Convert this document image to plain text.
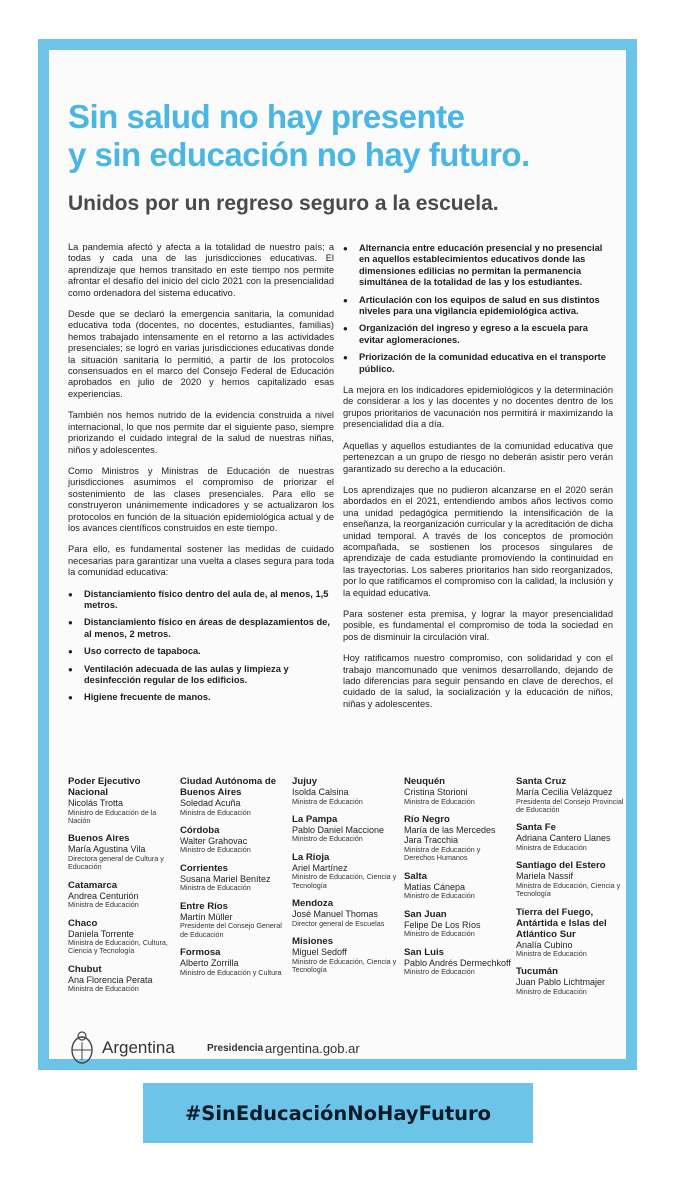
Sin salud no hay presente
y sin educación no hay futuro.
Unidos por un regreso seguro a la escuela.

La pandemia afectó y afecta a la totalidad de nuestro país; a todas y cada una de las jurisdicciones educativas. El aprendizaje que hemos transitado en este tiempo nos permite afrontar el desafío del inicio del ciclo 2021 con la presencialidad como ordenadora del sistema educativo.

Desde que se declaró la emergencia sanitaria, la comunidad educativa toda (docentes, no docentes, estudiantes, familias) hemos trabajado intensamente en el retorno a las actividades presenciales; se logró en varias jurisdicciones educativas donde la situación sanitaria lo permitió, a partir de los protocolos consensuados en el marco del Consejo Federal de Educación aprobados en julio de 2020 y hemos capitalizado esas experiencias.

También nos hemos nutrido de la evidencia construida a nivel internacional, lo que nos permite dar el siguiente paso, siempre priorizando el cuidado integral de la salud de nuestras niñas, niños y adolescentes.

Como Ministros y Ministras de Educación de nuestras jurisdicciones asumimos el compromiso de priorizar el sostenimiento de las clases presenciales. Para ello se construyeron unánimemente indicadores y se actualizaron los protocolos en función de la situación epidemiológica actual y de los avances científicos construidos en este tiempo.

Para ello, es fundamental sostener las medidas de cuidado necesarias para garantizar una vuelta a clases segura para toda la comunidad educativa:

● Distanciamiento físico dentro del aula de, al menos, 1,5 metros.
● Distanciamiento físico en áreas de desplazamientos de, al menos, 2 metros.
● Uso correcto de tapaboca.
● Ventilación adecuada de las aulas y limpieza y desinfección regular de los edificios.
● Higiene frecuente de manos.
● Alternancia entre educación presencial y no presencial en aquellos establecimientos educativos donde las dimensiones edilicias no permitan la permanencia simultánea de la totalidad de las y los estudiantes.
● Articulación con los equipos de salud en sus distintos niveles para una vigilancia epidemiológica activa.
● Organización del ingreso y egreso a la escuela para evitar aglomeraciones.
● Priorización de la comunidad educativa en el transporte público.

La mejora en los indicadores epidemiológicos y la determinación de considerar a los y las docentes y no docentes dentro de los grupos prioritarios de vacunación nos permitirá ir maximizando la presencialidad día a día.

Aquellas y aquellos estudiantes de la comunidad educativa que pertenezcan a un grupo de riesgo no deberán asistir pero verán garantizado su derecho a la educación.

Los aprendizajes que no pudieron alcanzarse en el 2020 serán abordados en el 2021, entendiendo ambos años lectivos como una unidad pedagógica permitiendo la intensificación de la enseñanza, la reorganización curricular y la acreditación de dicha unidad temporal. A través de los conceptos de promoción acompañada, se sostienen los procesos singulares de aprendizaje de cada estudiante promoviendo la continuidad en las trayectorias. Los saberes prioritarios han sido reorganizados, por lo que ratificamos el compromiso con la calidad, la inclusión y la equidad educativa.

Para sostener esta premisa, y lograr la mayor presencialidad posible, es fundamental el compromiso de toda la sociedad en pos de disminuir la circulación viral.

Hoy ratificamos nuestro compromiso, con solidaridad y con el trabajo mancomunado que venimos desarrollando, dejando de lado diferencias para seguir pensando en clave de derechos, el cuidado de la salud, la socialización y la educación de niños, niñas y adolescentes.

Poder Ejecutivo Nacional
Nicolás Trotta
Ministro de Educación de la Nación
Buenos Aires
María Agustina Vila
Directora general de Cultura y Educación
Catamarca
Andrea Centurión
Ministra de Educación
Chaco
Daniela Torrente
Ministra de Educación, Cultura, Ciencia y Tecnología
Chubut
Ana Florencia Perata
Ministra de Educación
Ciudad Autónoma de Buenos Aires
Soledad Acuña
Ministra de Educación
Córdoba
Walter Grahovac
Ministro de Educación
Corrientes
Susana Mariel Benítez
Ministra de Educación
Entre Ríos
Martín Müller
Presidente del Consejo General de Educación
Formosa
Alberto Zorrilla
Ministro de Educación y Cultura
Jujuy
Isolda Calsina
Ministra de Educación
La Pampa
Pablo Daniel Maccione
Ministro de Educación
La Rioja
Ariel Martínez
Ministro de Educación, Ciencia y Tecnología
Mendoza
José Manuel Thomas
Director general de Escuelas
Misiones
Miguel Sedoff
Ministro de Educación, Ciencia y Tecnología
Neuquén
Cristina Storioni
Ministra de Educación
Río Negro
María de las Mercedes Jara Tracchia
Ministra de Educación y Derechos Humanos
Salta
Matías Cánepa
Ministro de Educación
San Juan
Felipe De Los Ríos
Ministro de Educación
San Luis
Pablo Andrés Dermechkoff
Ministro de Educación
Santa Cruz
María Cecilia Velázquez
Presidenta del Consejo Provincial de Educación
Santa Fe
Adriana Cantero Llanes
Ministra de Educación
Santiago del Estero
Mariela Nassif
Ministra de Educación, Ciencia y Tecnología
Tierra del Fuego, Antártida e Islas del Atlántico Sur
Analía Cubino
Ministra de Educación
Tucumán
Juan Pablo Lichtmajer
Ministro de Educación
Argentina	Presidencia argentina.gob.ar
#SinEducaciónNoHayFuturo
